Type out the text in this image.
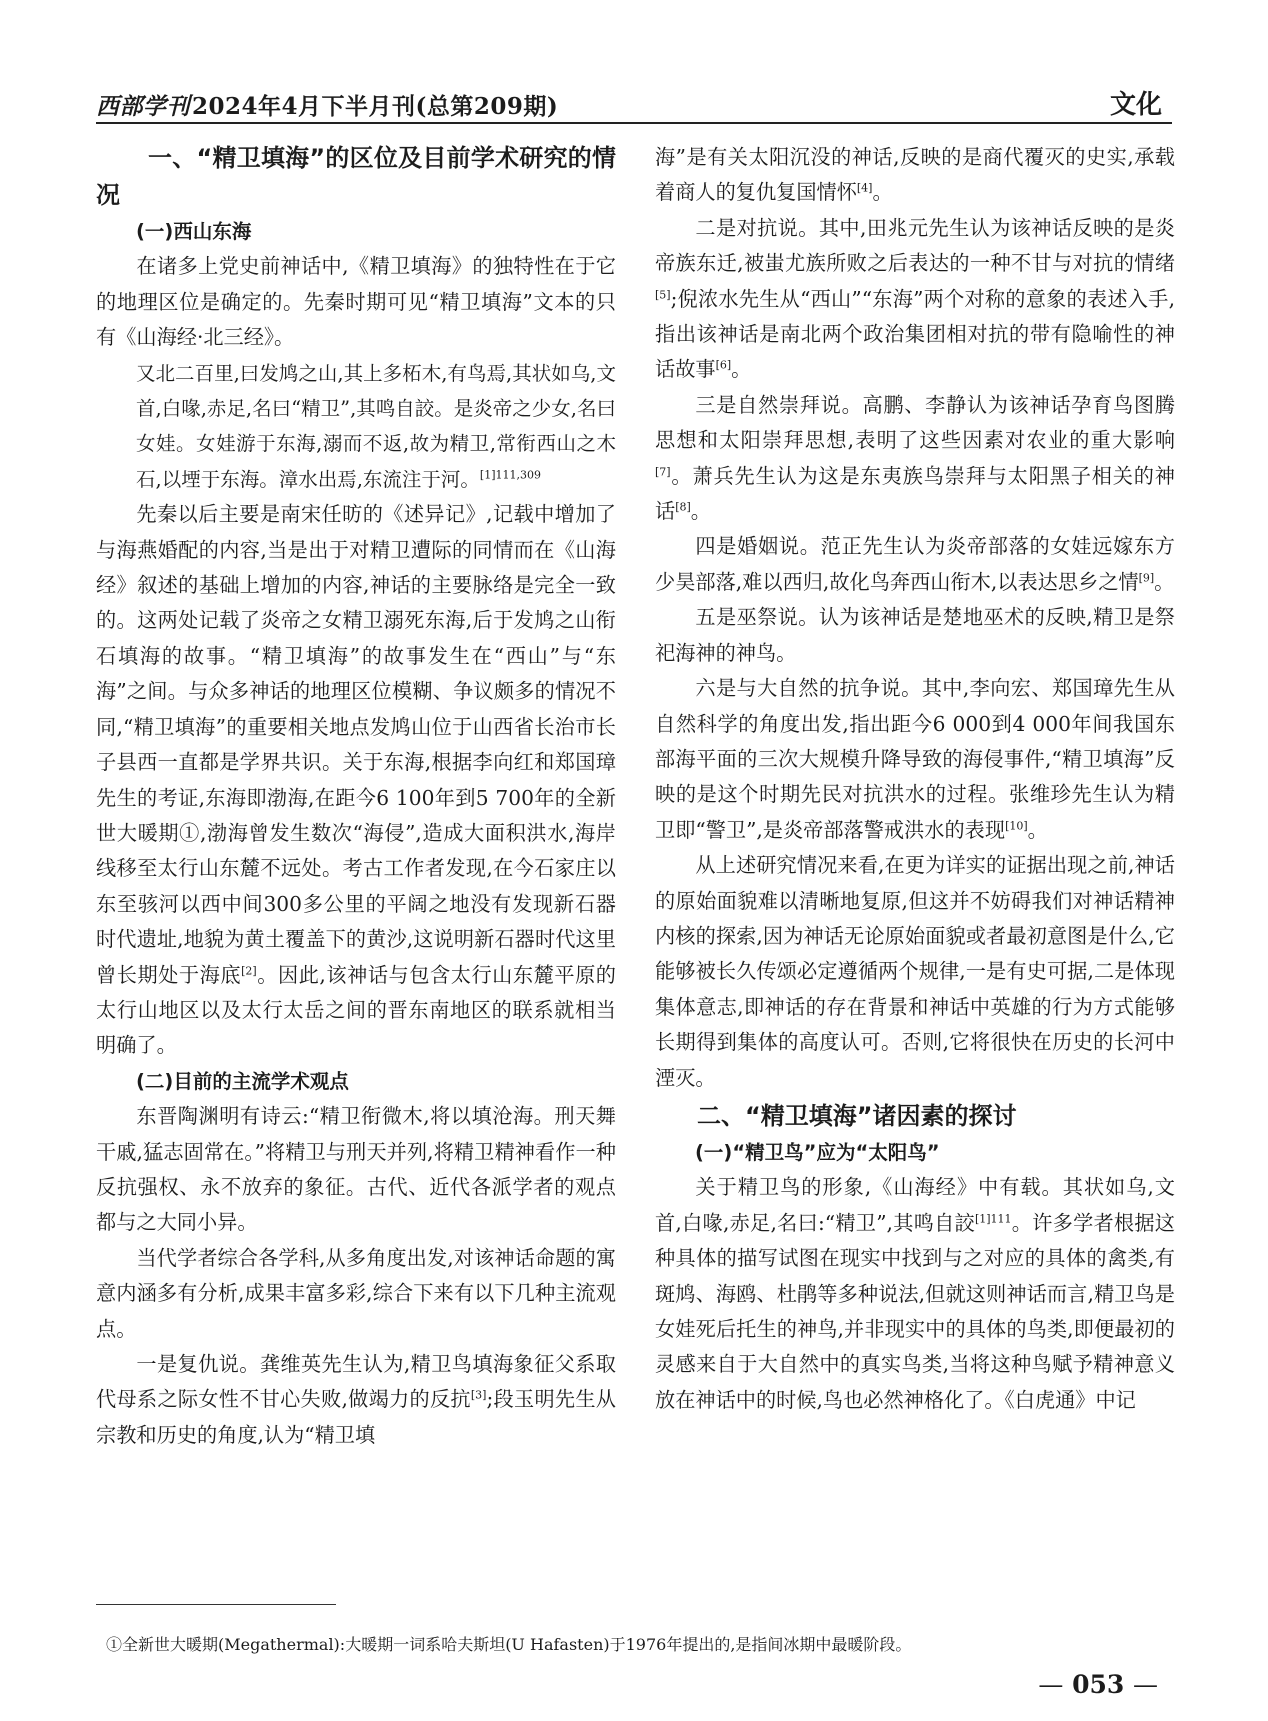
西部学刊2024年4月下半月刊(总第209期)	文化

一、“精卫填海”的区位及目前学术研究的情况

(一)西山东海

在诸多上党史前神话中,《精卫填海》的独特性在于它的地理区位是确定的。先秦时期可见“精卫填海”文本的只有《山海经·北三经》。

又北二百里,曰发鸠之山,其上多柘木,有鸟焉,其状如乌,文首,白喙,赤足,名曰“精卫”,其鸣自詨。是炎帝之少女,名曰女娃。女娃游于东海,溺而不返,故为精卫,常衔西山之木石,以堙于东海。漳水出焉,东流注于河。$^{[1]111,309}$

先秦以后主要是南宋任昉的《述异记》,记载中增加了与海燕婚配的内容,当是出于对精卫遭际的同情而在《山海经》叙述的基础上增加的内容,神话的主要脉络是完全一致的。这两处记载了炎帝之女精卫溺死东海,后于发鸠之山衔石填海的故事。“精卫填海”的故事发生在“西山”与“东海”之间。与众多神话的地理区位模糊、争议颇多的情况不同,“精卫填海”的重要相关地点发鸠山位于山西省长治市长子县西一直都是学界共识。关于东海,根据李向红和郑国璋先生的考证,东海即渤海,在距今6 100年到5 700年的全新世大暖期①,渤海曾发生数次“海侵”,造成大面积洪水,海岸线移至太行山东麓不远处。考古工作者发现,在今石家庄以东至骇河以西中间300多公里的平阔之地没有发现新石器时代遗址,地貌为黄土覆盖下的黄沙,这说明新石器时代这里曾长期处于海底[2]。因此,该神话与包含太行山东麓平原的太行山地区以及太行太岳之间的晋东南地区的联系就相当明确了。

(二)目前的主流学术观点

东晋陶渊明有诗云:“精卫衔微木,将以填沧海。刑天舞干戚,猛志固常在。”将精卫与刑天并列,将精卫精神看作一种反抗强权、永不放弃的象征。古代、近代各派学者的观点都与之大同小异。

当代学者综合各学科,从多角度出发,对该神话命题的寓意内涵多有分析,成果丰富多彩,综合下来有以下几种主流观点。

一是复仇说。龚维英先生认为,精卫鸟填海象征父系取代母系之际女性不甘心失败,做竭力的反抗[3];段玉明先生从宗教和历史的角度,认为“精卫填

海”是有关太阳沉没的神话,反映的是商代覆灭的史实,承载着商人的复仇复国情怀[4]。

二是对抗说。其中,田兆元先生认为该神话反映的是炎帝族东迁,被蚩尤族所败之后表达的一种不甘与对抗的情绪[5];倪浓水先生从“西山”“东海”两个对称的意象的表述入手,指出该神话是南北两个政治集团相对抗的带有隐喻性的神话故事[6]。

三是自然崇拜说。高鹏、李静认为该神话孕育鸟图腾思想和太阳崇拜思想,表明了这些因素对农业的重大影响[7]。萧兵先生认为这是东夷族鸟崇拜与太阳黑子相关的神话[8]。

四是婚姻说。范正先生认为炎帝部落的女娃远嫁东方少昊部落,难以西归,故化鸟奔西山衔木,以表达思乡之情[9]。

五是巫祭说。认为该神话是楚地巫术的反映,精卫是祭祀海神的神鸟。

六是与大自然的抗争说。其中,李向宏、郑国璋先生从自然科学的角度出发,指出距今6 000到4 000年间我国东部海平面的三次大规模升降导致的海侵事件,“精卫填海”反映的是这个时期先民对抗洪水的过程。张维珍先生认为精卫即“警卫”,是炎帝部落警戒洪水的表现[10]。

从上述研究情况来看,在更为详实的证据出现之前,神话的原始面貌难以清晰地复原,但这并不妨碍我们对神话精神内核的探索,因为神话无论原始面貌或者最初意图是什么,它能够被长久传颂必定遵循两个规律,一是有史可据,二是体现集体意志,即神话的存在背景和神话中英雄的行为方式能够长期得到集体的高度认可。否则,它将很快在历史的长河中湮灭。

二、“精卫填海”诸因素的探讨

(一)“精卫鸟”应为“太阳鸟”

关于精卫鸟的形象,《山海经》中有载。其状如乌,文首,白喙,赤足,名曰:“精卫”,其鸣自詨$^{[1]111}$。许多学者根据这种具体的描写试图在现实中找到与之对应的具体的禽类,有斑鸠、海鸥、杜鹃等多种说法,但就这则神话而言,精卫鸟是女娃死后托生的神鸟,并非现实中的具体的鸟类,即便最初的灵感来自于大自然中的真实鸟类,当将这种鸟赋予精神意义放在神话中的时候,鸟也必然神格化了。《白虎通》中记

①全新世大暖期(Megathermal):大暖期一词系哈夫斯坦(U Hafasten)于1976年提出的,是指间冰期中最暖阶段。
— 053 —
